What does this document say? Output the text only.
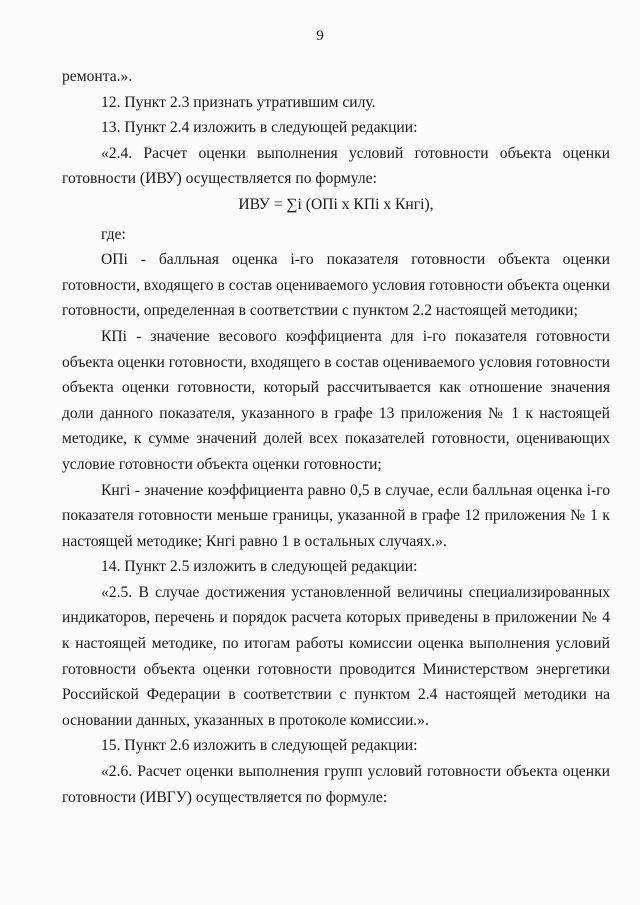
9

ремонта.».

12. Пункт 2.3 признать утратившим силу.

13. Пункт 2.4 изложить в следующей редакции:

«2.4. Расчет оценки выполнения условий готовности объекта оценки готовности (ИВУ) осуществляется по формуле:

ИВУ = ∑i (ОПi х КПi х Кнгi),

где:

ОПi - балльная оценка i-го показателя готовности объекта оценки готовности, входящего в состав оцениваемого условия готовности объекта оценки готовности, определенная в соответствии с пунктом 2.2 настоящей методики;

КПi - значение весового коэффициента для i-го показателя готовности объекта оценки готовности, входящего в состав оцениваемого условия готовности объекта оценки готовности, который рассчитывается как отношение значения доли данного показателя, указанного в графе 13 приложения № 1 к настоящей методике, к сумме значений долей всех показателей готовности, оценивающих условие готовности объекта оценки готовности;

Кнгi - значение коэффициента равно 0,5 в случае, если балльная оценка i-го показателя готовности меньше границы, указанной в графе 12 приложения № 1 к настоящей методике; Кнгi равно 1 в остальных случаях.».

14. Пункт 2.5 изложить в следующей редакции:

«2.5. В случае достижения установленной величины специализированных индикаторов, перечень и порядок расчета которых приведены в приложении № 4 к настоящей методике, по итогам работы комиссии оценка выполнения условий готовности объекта оценки готовности проводится Министерством энергетики Российской Федерации в соответствии с пунктом 2.4 настоящей методики на основании данных, указанных в протоколе комиссии.».

15. Пункт 2.6 изложить в следующей редакции:

«2.6. Расчет оценки выполнения групп условий готовности объекта оценки готовности (ИВГУ) осуществляется по формуле:
